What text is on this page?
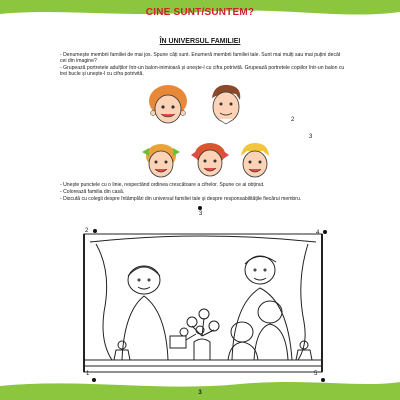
CINE SUNT/SUNTEM?
ÎN UNIVERSUL FAMILIEI
- Denumește membrii familiei de mai jos. Spune câți sunt. Enumeră membrii familiei tale. Sunt mai mulți sau mai puțini decât cei din imagine?
- Grupează portretele adulților într-un balon-inimioară și unește-l cu cifra potrivită. Grupează portretele copiilor într-un balon cu trei bucle și unește-l cu cifra potrivită.
2
3
- Unește punctele cu o linie, respectând ordinea crescătoare a cifrelor. Spune ce ai obținut.
- Colorează familia din casă.
- Discută cu colegii despre întâmplări din universul familiei tale și despre responsabilitățile fiecărui membru.
3
2	4
1	5
3
